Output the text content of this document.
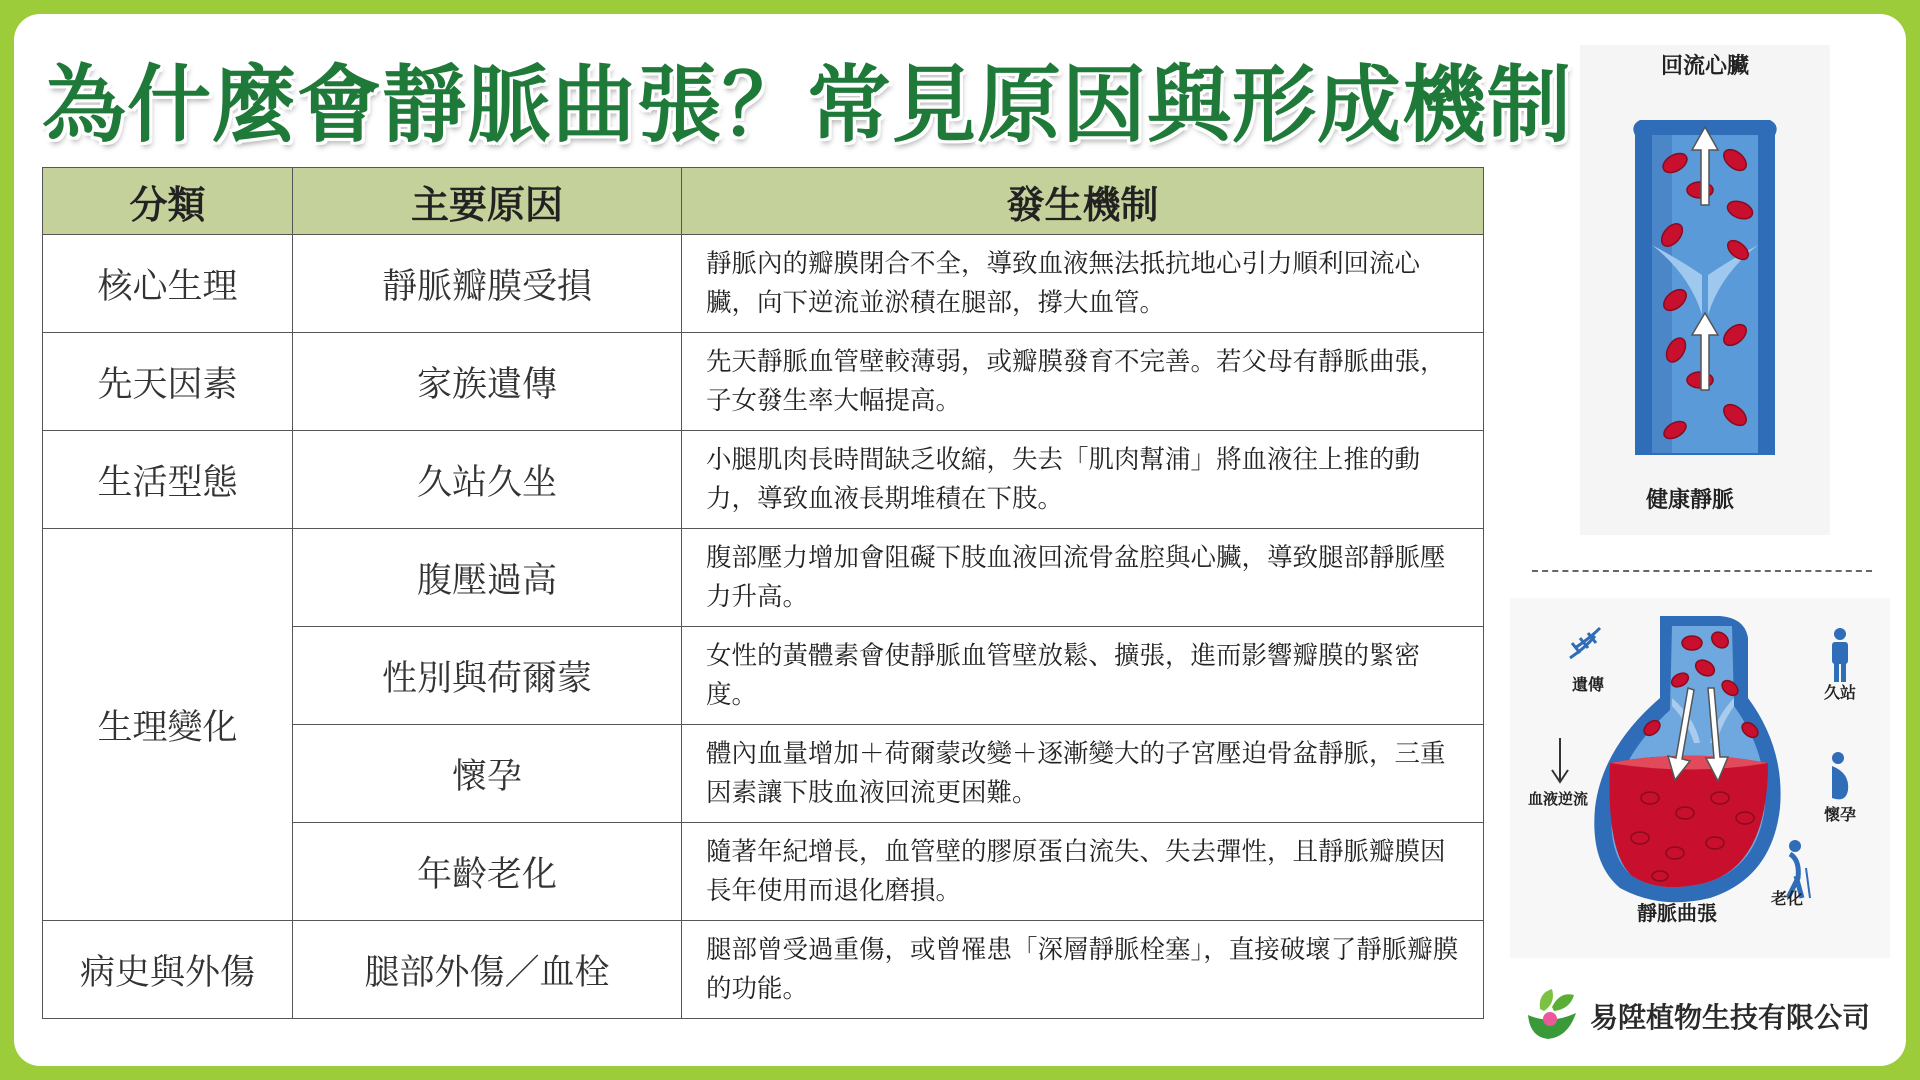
為什麼會靜脈曲張？常見原因與形成機制
分類	主要原因	發生機制
核心生理	靜脈瓣膜受損	靜脈內的瓣膜閉合不全，導致血液無法抵抗地心引力順利回流心臟，向下逆流並淤積在腿部，撐大血管。
先天因素	家族遺傳	先天靜脈血管壁較薄弱，或瓣膜發育不完善。若父母有靜脈曲張，子女發生率大幅提高。
生活型態	久站久坐	小腿肌肉長時間缺乏收縮，失去「肌肉幫浦」將血液往上推的動力，導致血液長期堆積在下肢。
生理變化	腹壓過高	腹部壓力增加會阻礙下肢血液回流骨盆腔與心臟，導致腿部靜脈壓力升高。
	性別與荷爾蒙	女性的黃體素會使靜脈血管壁放鬆、擴張，進而影響瓣膜的緊密度。
	懷孕	體內血量增加＋荷爾蒙改變＋逐漸變大的子宮壓迫骨盆靜脈，三重因素讓下肢血液回流更困難。
	年齡老化	隨著年紀增長，血管壁的膠原蛋白流失、失去彈性，且靜脈瓣膜因長年使用而退化磨損。
病史與外傷	腿部外傷／血栓	腿部曾受過重傷，或曾罹患「深層靜脈栓塞」，直接破壞了靜脈瓣膜的功能。
回流心臟
健康靜脈
遺傳	久站
血液逆流
懷孕
老化
靜脈曲張
易陞植物生技有限公司
